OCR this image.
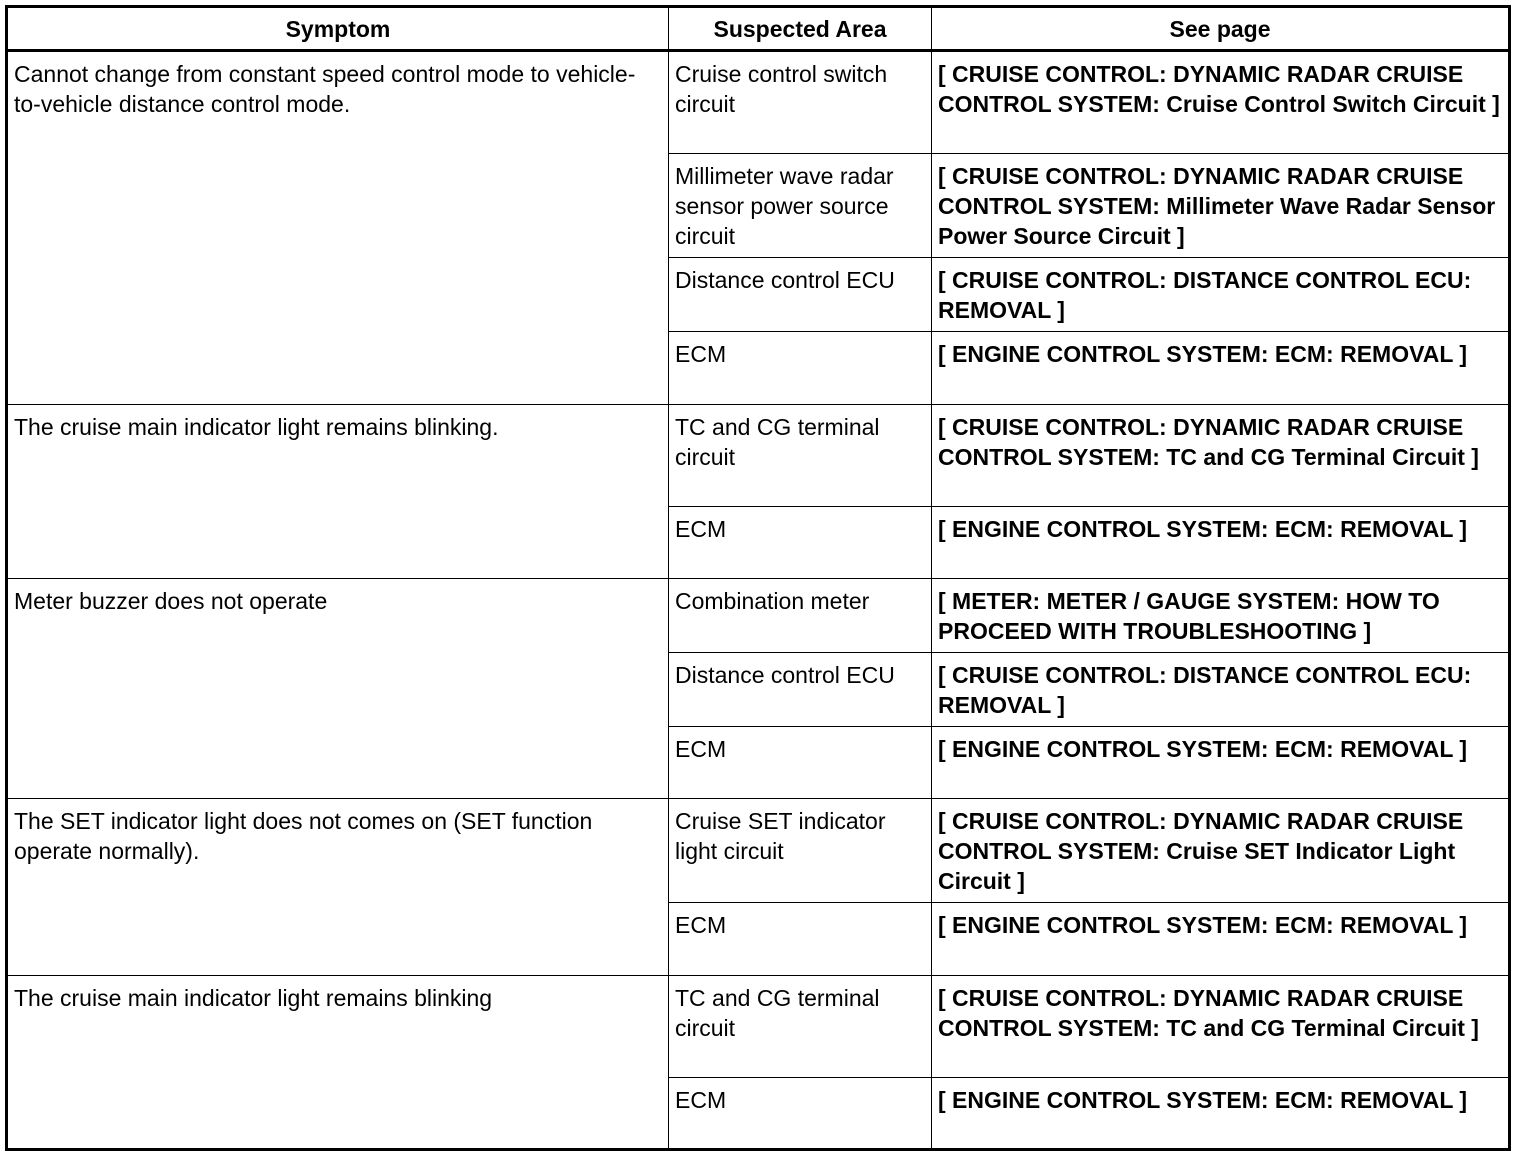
Symptom	Suspected Area	See page
Cannot change from constant speed control mode to vehicle-to-vehicle distance control mode.	Cruise control switch circuit	[ CRUISE CONTROL: DYNAMIC RADAR CRUISE CONTROL SYSTEM: Cruise Control Switch Circuit ]
	Millimeter wave radar sensor power source circuit	[ CRUISE CONTROL: DYNAMIC RADAR CRUISE CONTROL SYSTEM: Millimeter Wave Radar Sensor Power Source Circuit ]
	Distance control ECU	[ CRUISE CONTROL: DISTANCE CONTROL ECU: REMOVAL ]
	ECM	[ ENGINE CONTROL SYSTEM: ECM: REMOVAL ]
The cruise main indicator light remains blinking.	TC and CG terminal circuit	[ CRUISE CONTROL: DYNAMIC RADAR CRUISE CONTROL SYSTEM: TC and CG Terminal Circuit ]
	ECM	[ ENGINE CONTROL SYSTEM: ECM: REMOVAL ]
Meter buzzer does not operate	Combination meter	[ METER: METER / GAUGE SYSTEM: HOW TO PROCEED WITH TROUBLESHOOTING ]
	Distance control ECU	[ CRUISE CONTROL: DISTANCE CONTROL ECU: REMOVAL ]
	ECM	[ ENGINE CONTROL SYSTEM: ECM: REMOVAL ]
The SET indicator light does not comes on (SET function operate normally).	Cruise SET indicator light circuit	[ CRUISE CONTROL: DYNAMIC RADAR CRUISE CONTROL SYSTEM: Cruise SET Indicator Light Circuit ]
	ECM	[ ENGINE CONTROL SYSTEM: ECM: REMOVAL ]
The cruise main indicator light remains blinking	TC and CG terminal circuit	[ CRUISE CONTROL: DYNAMIC RADAR CRUISE CONTROL SYSTEM: TC and CG Terminal Circuit ]
	ECM	[ ENGINE CONTROL SYSTEM: ECM: REMOVAL ]
